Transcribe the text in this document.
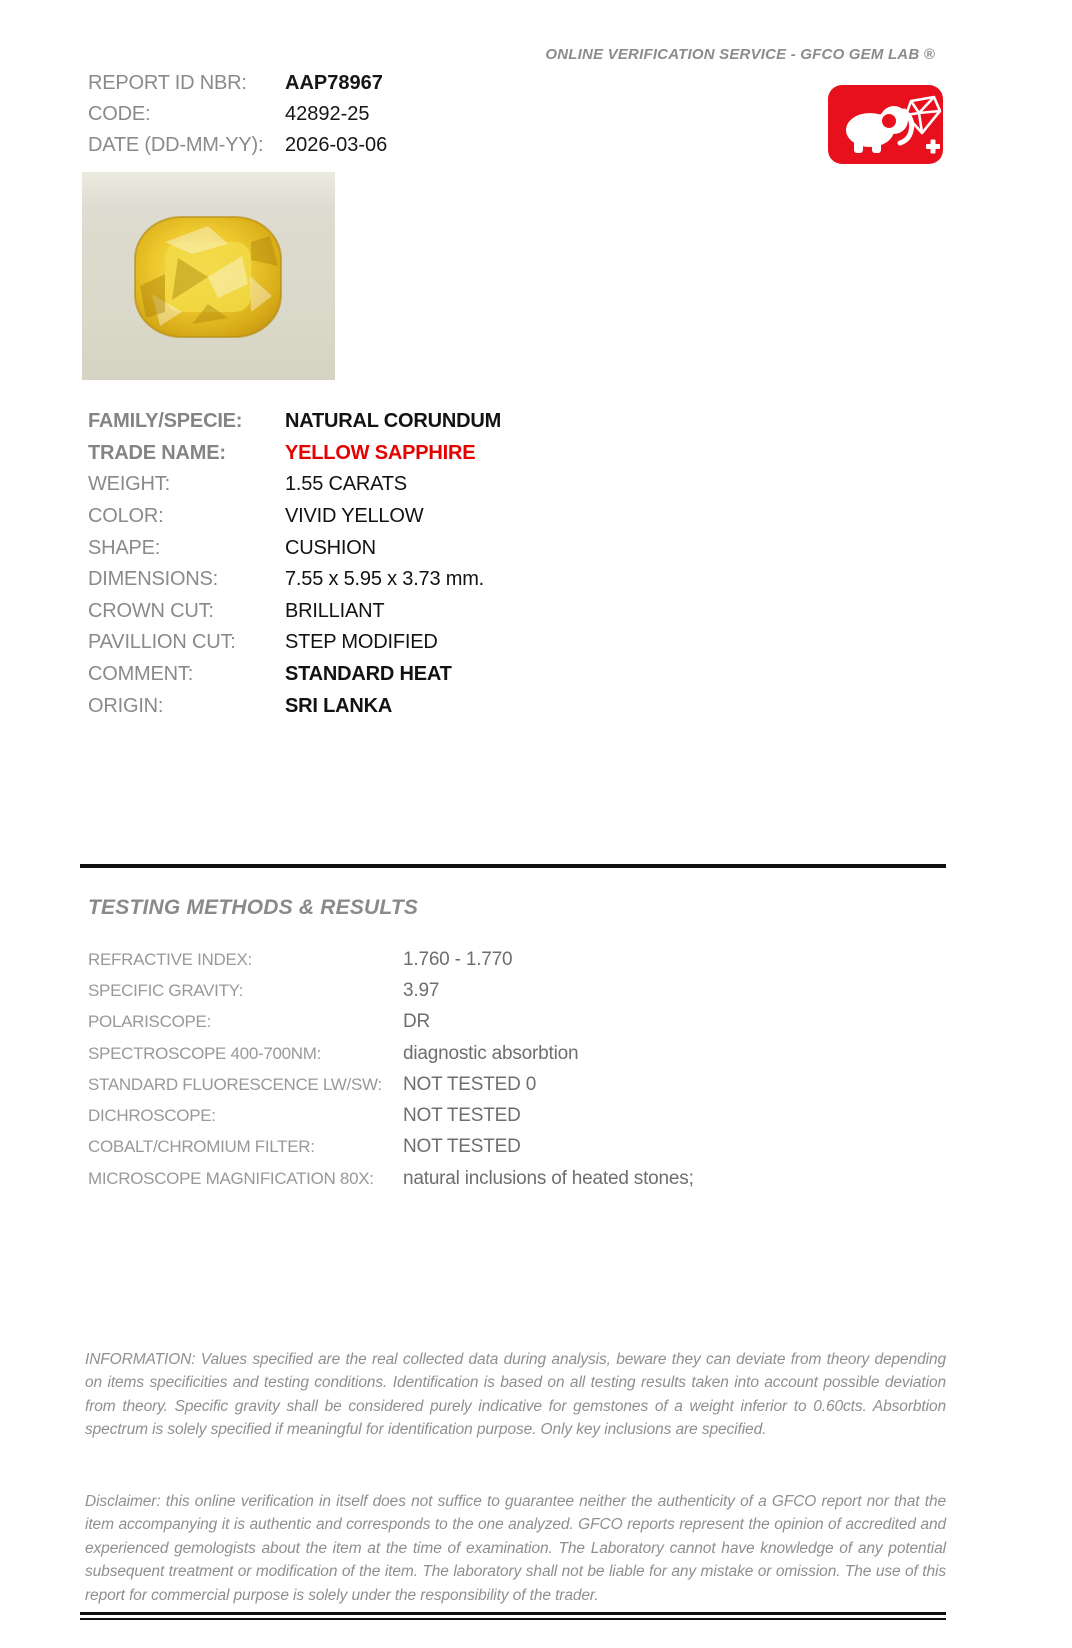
ONLINE VERIFICATION SERVICE - GFCO GEM LAB ®
REPORT ID NBR:	AAP78967
CODE:	42892-25
DATE (DD-MM-YY):	2026-03-06
FAMILY/SPECIE:	NATURAL CORUNDUM
TRADE NAME:	YELLOW SAPPHIRE
WEIGHT:	1.55 CARATS
COLOR:	VIVID YELLOW
SHAPE:	CUSHION
DIMENSIONS:	7.55 x 5.95 x 3.73 mm.
CROWN CUT:	BRILLIANT
PAVILLION CUT:	STEP MODIFIED
COMMENT:	STANDARD HEAT
ORIGIN:	SRI LANKA
TESTING METHODS & RESULTS
REFRACTIVE INDEX:	1.760 - 1.770
SPECIFIC GRAVITY:	3.97
POLARISCOPE:	DR
SPECTROSCOPE 400-700NM:	diagnostic absorbtion
STANDARD FLUORESCENCE LW/SW:	NOT TESTED 0
DICHROSCOPE:	NOT TESTED
COBALT/CHROMIUM FILTER:	NOT TESTED
MICROSCOPE MAGNIFICATION 80X:	natural inclusions of heated stones;
INFORMATION: Values specified are the real collected data during analysis, beware they can deviate from theory depending on items specificities and testing conditions. Identification is based on all testing results taken into account possible deviation from theory. Specific gravity shall be considered purely indicative for gemstones of a weight inferior to 0.60cts. Absorbtion spectrum is solely specified if meaningful for identification purpose. Only key inclusions are specified.
Disclaimer: this online verification in itself does not suffice to guarantee neither the authenticity of a GFCO report nor that the item accompanying it is authentic and corresponds to the one analyzed. GFCO reports represent the opinion of accredited and experienced gemologists about the item at the time of examination. The Laboratory cannot have knowledge of any potential subsequent treatment or modification of the item. The laboratory shall not be liable for any mistake or omission. The use of this report for commercial purpose is solely under the responsibility of the trader.
